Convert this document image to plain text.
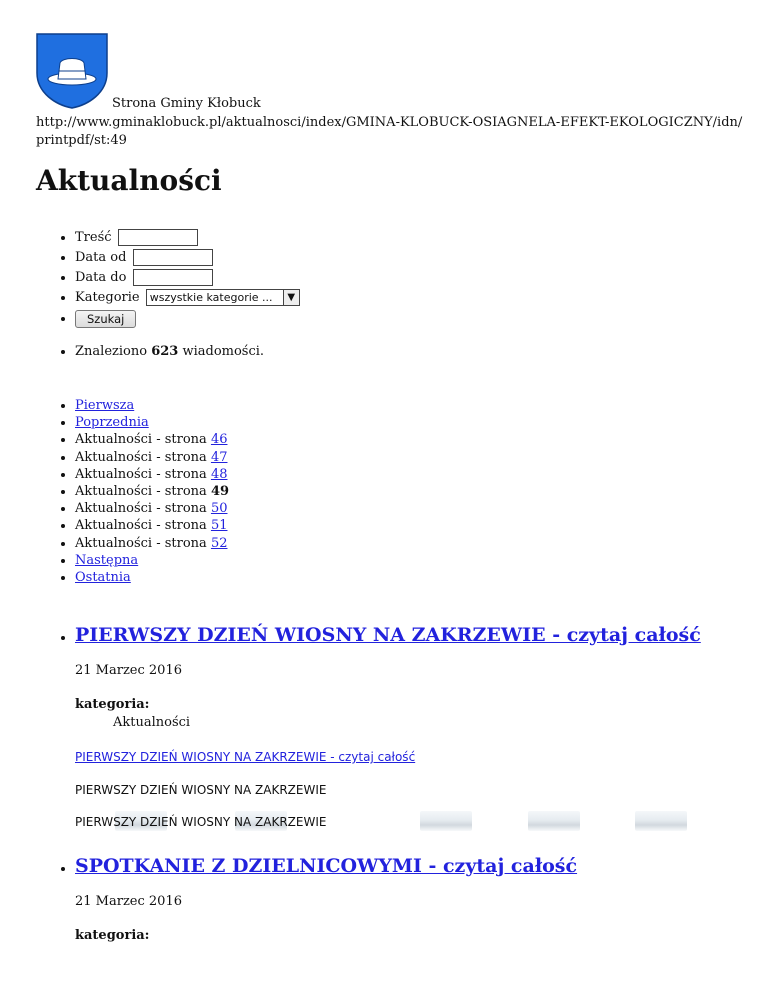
Strona Gminy Kłobuck
http://www.gminaklobuck.pl/aktualnosci/index/GMINA-KLOBUCK-OSIAGNELA-EFEKT-EKOLOGICZNY/idn/printpdf/st:49
Aktualności
• Treść
• Data od
• Data do
• Kategorie wszystkie kategorie ...	▼
• Szukaj
• Znaleziono 623 wiadomości.
• Pierwsza
• Poprzednia
• Aktualności - strona 46
• Aktualności - strona 47
• Aktualności - strona 48
• Aktualności - strona 49
• Aktualności - strona 50
• Aktualności - strona 51
• Aktualności - strona 52
• Następna
• Ostatnia
• PIERWSZY DZIEŃ WIOSNY NA ZAKRZEWIE - czytaj całość
21 Marzec 2016
kategoria:
Aktualności
PIERWSZY DZIEŃ WIOSNY NA ZAKRZEWIE - czytaj całość
PIERWSZY DZIEŃ WIOSNY NA ZAKRZEWIE
PIERWSZY DZIEŃ WIOSNY NA ZAKRZEWIE
• SPOTKANIE Z DZIELNICOWYMI - czytaj całość
21 Marzec 2016
kategoria:
